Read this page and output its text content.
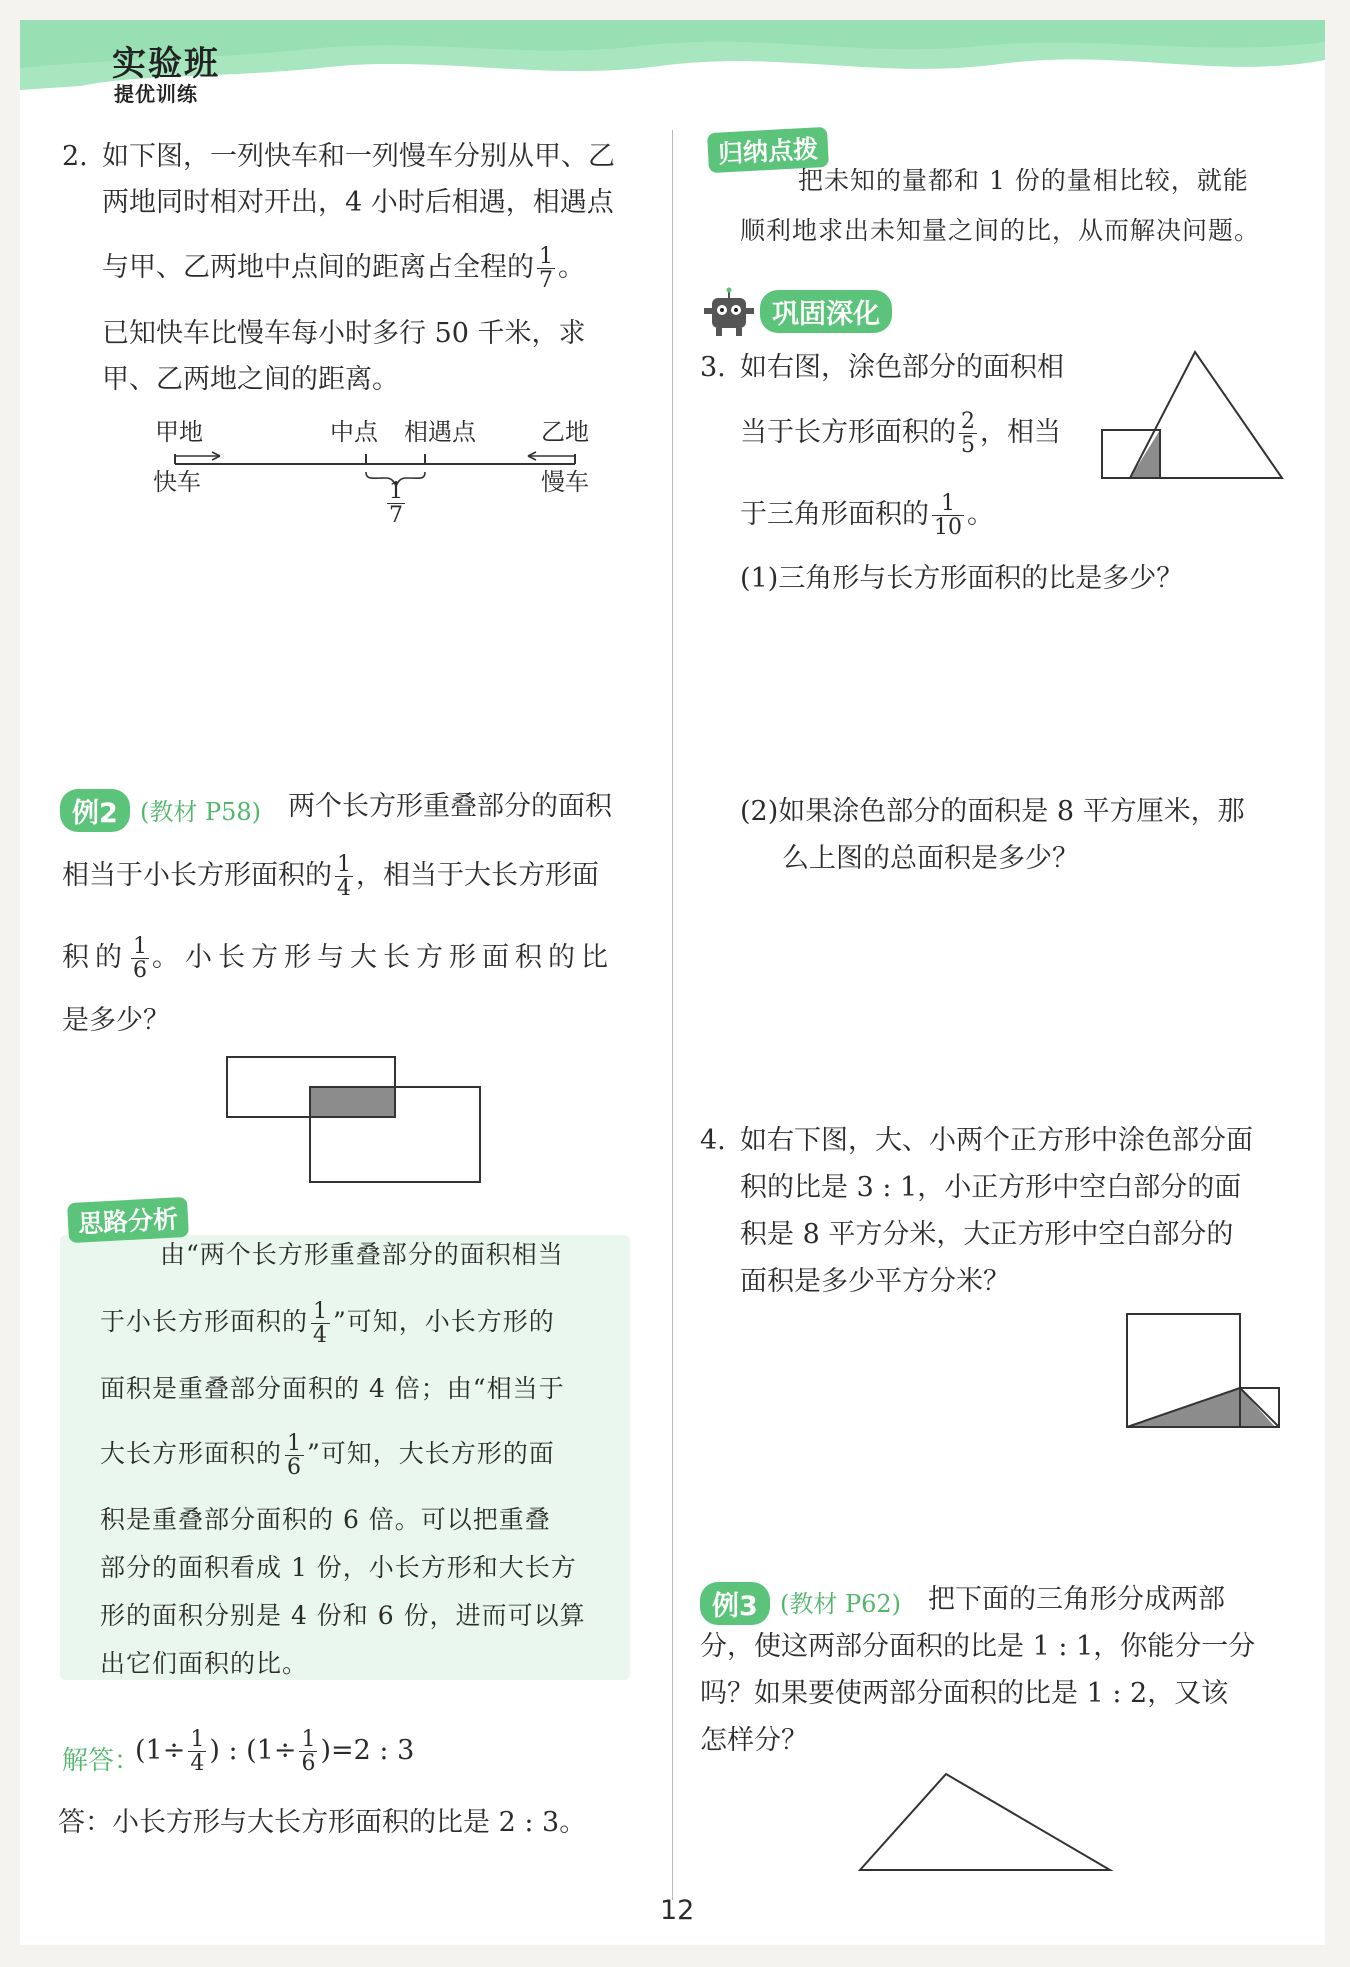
实验班
提优训练
2. 如下图，一列快车和一列慢车分别从甲、乙
两地同时相对开出，4 小时后相遇，相遇点
与甲、乙两地中点间的距离占全程的 $\frac{1}{7}$ 。
已知快车比慢车每小时多行 50 千米，求
甲、乙两地之间的距离。
甲地	中点 相遇点	乙地
快车	慢车
$\frac{1}{7}$
例2 (教材 P58) 两个长方形重叠部分的面积
相当于小长方形面积的 $\frac{1}{4}$ ，相当于大长方形面
积的 $\frac{1}{6}$ 。小长方形与大长方形面积的比
是多少？
思路分析
由“两个长方形重叠部分的面积相当
于小长方形面积的 $\frac{1}{4}$ ”可知，小长方形的
面积是重叠部分面积的 4 倍；由“相当于
大长方形面积的 $\frac{1}{6}$ ”可知，大长方形的面
积是重叠部分面积的 6 倍。可以把重叠
部分的面积看成 1 份，小长方形和大长方
形的面积分别是 4 份和 6 份，进而可以算
出它们面积的比。
解答：
($1\div \frac{1}{4}$ ) : $(1\div \frac{1}{6} )=2$ : 3
答：小长方形与大长方形面积的比是 2 : 3。
归纳点拨
把未知的量都和 1 份的量相比较，就能
顺利地求出未知量之间的比，从而解决问题。
巩固深化
3. 如右图，涂色部分的面积相
当于长方形面积的 $\frac{2}{5}$ ，相当
于三角形面积的 $\frac{1}{10}$ 。
(1)三角形与长方形面积的比是多少？
(2)如果涂色部分的面积是 8 平方厘米，那
么上图的总面积是多少？
4. 如右下图，大、小两个正方形中涂色部分面
积的比是 3 : 1，小正方形中空白部分的面
积是 8 平方分米，大正方形中空白部分的
面积是多少平方分米？
例3 (教材 P62) 把下面的三角形分成两部
分，使这两部分面积的比是 1 : 1，你能分一分
吗？如果要使两部分面积的比是 1 : 2，又该
怎样分？
12
